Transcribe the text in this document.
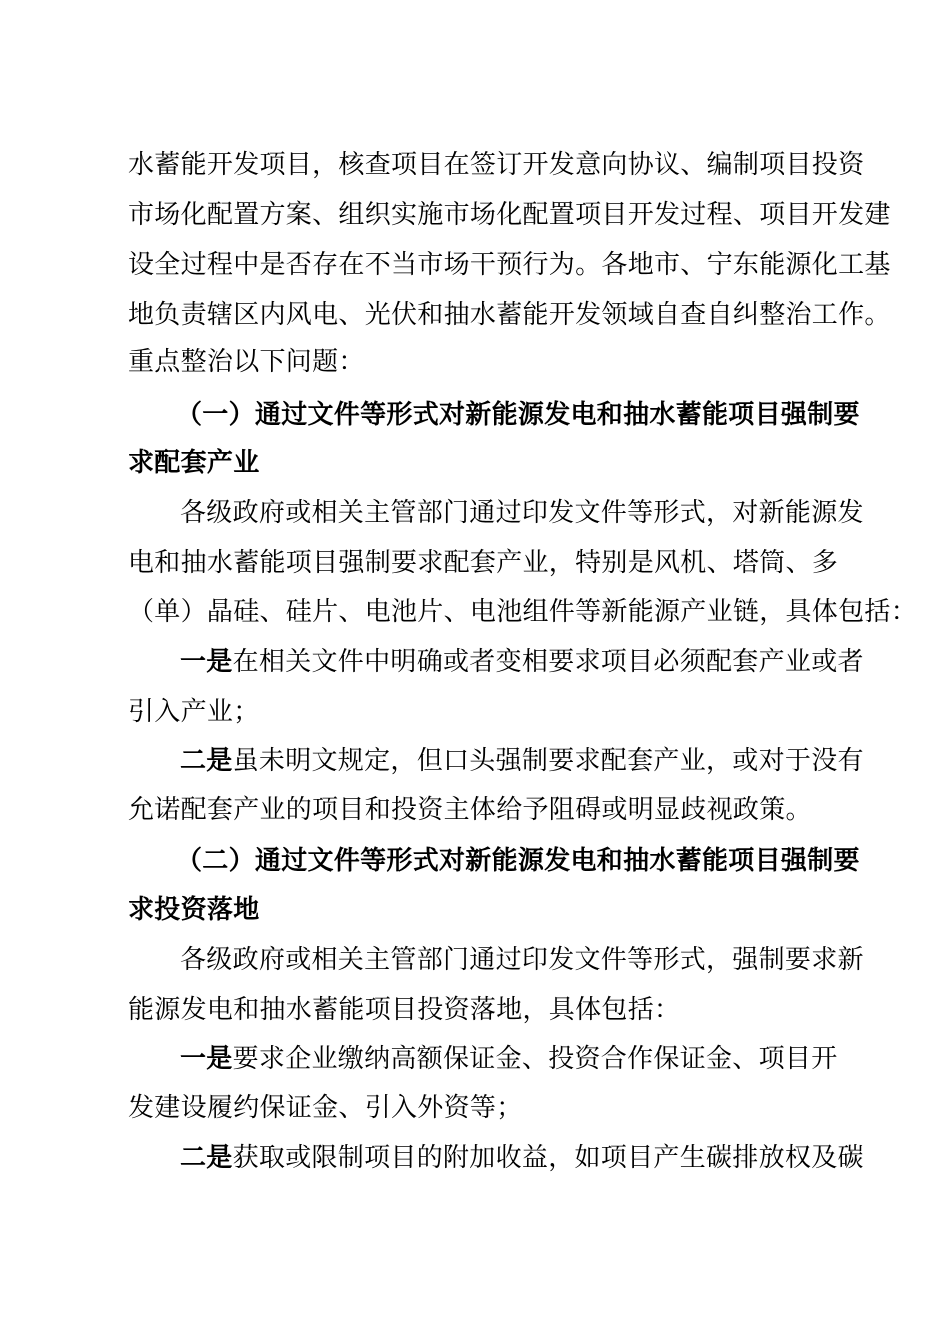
水蓄能开发项目，核查项目在签订开发意向协议、编制项目投资
市场化配置方案、组织实施市场化配置项目开发过程、项目开发建
设全过程中是否存在不当市场干预行为。各地市、宁东能源化工基
地负责辖区内风电、光伏和抽水蓄能开发领域自查自纠整治工作。
重点整治以下问题：
（一）通过文件等形式对新能源发电和抽水蓄能项目强制要
求配套产业
各级政府或相关主管部门通过印发文件等形式，对新能源发
电和抽水蓄能项目强制要求配套产业，特别是风机、塔筒、多
（单）晶硅、硅片、电池片、电池组件等新能源产业链，具体包括：
一是在相关文件中明确或者变相要求项目必须配套产业或者
引入产业；
二是虽未明文规定，但口头强制要求配套产业，或对于没有
允诺配套产业的项目和投资主体给予阻碍或明显歧视政策。
（二）通过文件等形式对新能源发电和抽水蓄能项目强制要
求投资落地
各级政府或相关主管部门通过印发文件等形式，强制要求新
能源发电和抽水蓄能项目投资落地，具体包括：
一是要求企业缴纳高额保证金、投资合作保证金、项目开
发建设履约保证金、引入外资等；
二是获取或限制项目的附加收益，如项目产生碳排放权及碳
